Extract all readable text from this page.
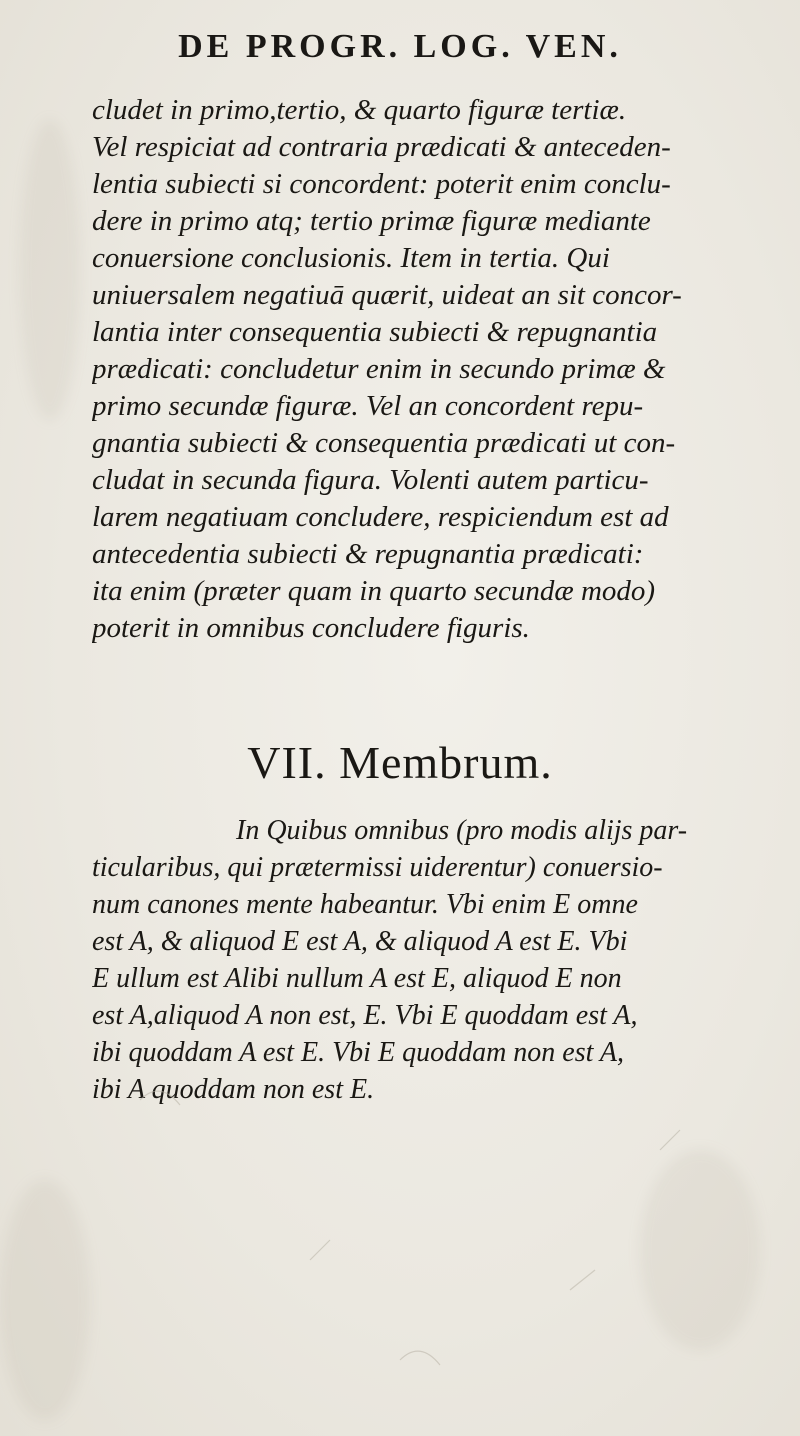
DE PROGR. LOG. VEN.
cludet in primo,tertio, & quarto figuræ tertiæ.
Vel respiciat ad contraria prædicati & anteceden-
lentia subiecti si concordent: poterit enim conclu-
dere in primo atq; tertio primæ figuræ mediante
conuersione conclusionis. Item in tertia. Qui
uniuersalem negatiuā quærit, uideat an sit concor-
lantia inter consequentia subiecti & repugnantia
prædicati: concludetur enim in secundo primæ &
primo secundæ figuræ. Vel an concordent repu-
gnantia subiecti & consequentia prædicati ut con-
cludat in secunda figura. Volenti autem particu-
larem negatiuam concludere, respiciendum est ad
antecedentia subiecti & repugnantia prædicati:
ita enim (præter quam in quarto secundæ modo)
poterit in omnibus concludere figuris.
VII. Membrum.
In Quibus omnibus (pro modis alijs par-
ticularibus, qui prætermissi uiderentur) conuersio-
num canones mente habeantur. Vbi enim E omne
est A, & aliquod E est A, & aliquod A est E. Vbi
E ullum est Alibi nullum A est E, aliquod E non
est A,aliquod A non est, E. Vbi E quoddam est A,
ibi quoddam A est E. Vbi E quoddam non est A,
ibi A quoddam non est E.
